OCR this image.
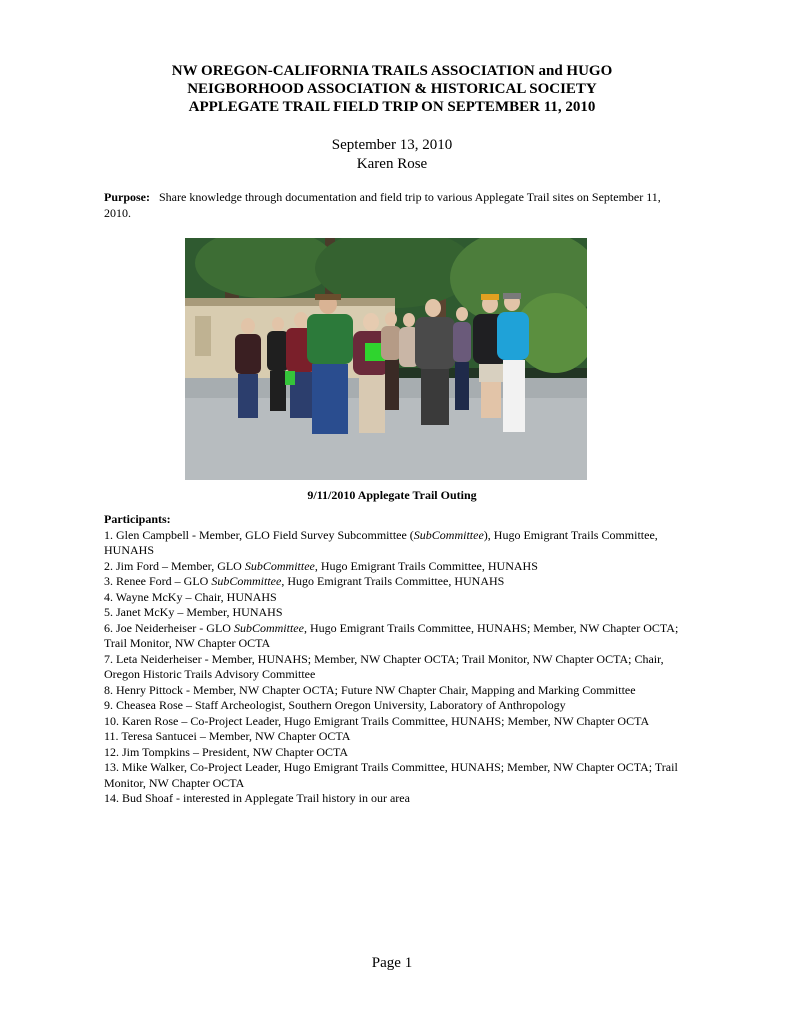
NW OREGON-CALIFORNIA TRAILS ASSOCIATION and HUGO
NEIGBORHOOD ASSOCIATION & HISTORICAL SOCIETY
APPLEGATE TRAIL FIELD TRIP ON SEPTEMBER 11, 2010
September 13, 2010
Karen Rose
Purpose: Share knowledge through documentation and field trip to various Applegate Trail sites on September 11, 2010.
9/11/2010 Applegate Trail Outing
Participants:
1. Glen Campbell - Member, GLO Field Survey Subcommittee (SubCommittee), Hugo Emigrant Trails Committee, HUNAHS
2. Jim Ford – Member, GLO SubCommittee, Hugo Emigrant Trails Committee, HUNAHS
3. Renee Ford – GLO SubCommittee, Hugo Emigrant Trails Committee, HUNAHS
4. Wayne McKy – Chair, HUNAHS
5. Janet McKy – Member, HUNAHS
6. Joe Neiderheiser - GLO SubCommittee, Hugo Emigrant Trails Committee, HUNAHS; Member, NW Chapter OCTA; Trail Monitor, NW Chapter OCTA
7. Leta Neiderheiser - Member, HUNAHS; Member, NW Chapter OCTA; Trail Monitor, NW Chapter OCTA; Chair, Oregon Historic Trails Advisory Committee
8. Henry Pittock - Member, NW Chapter OCTA; Future NW Chapter Chair, Mapping and Marking Committee
9. Cheasea Rose – Staff Archeologist, Southern Oregon University, Laboratory of Anthropology
10. Karen Rose – Co-Project Leader, Hugo Emigrant Trails Committee, HUNAHS; Member, NW Chapter OCTA
11. Teresa Santucei – Member, NW Chapter OCTA
12. Jim Tompkins – President, NW Chapter OCTA
13. Mike Walker, Co-Project Leader, Hugo Emigrant Trails Committee, HUNAHS; Member, NW Chapter OCTA; Trail Monitor, NW Chapter OCTA
14. Bud Shoaf - interested in Applegate Trail history in our area
Page 1
